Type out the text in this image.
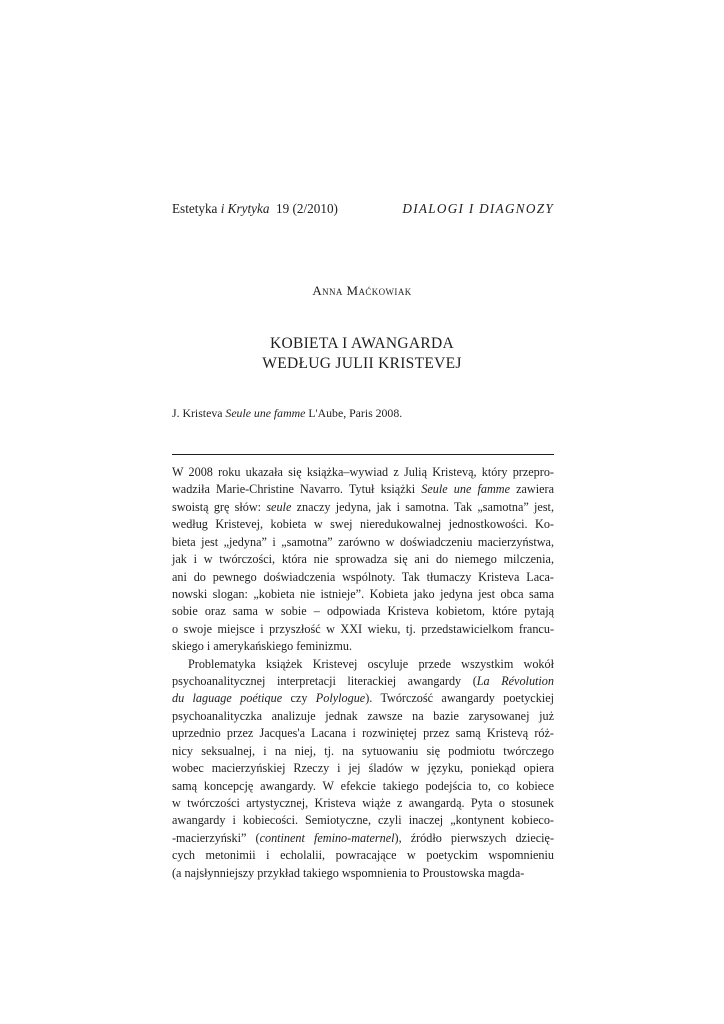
Estetyka i Krytyka 19 (2/2010)	DIALOGI I DIAGNOZY
Anna Maćkowiak
KOBIETA I AWANGARDA
WEDŁUG JULII KRISTEVEJ
J. Kristeva Seule une famme L'Aube, Paris 2008.
W 2008 roku ukazała się książka–wywiad z Julią Kristevą, który przepro-
wadziła Marie-Christine Navarro. Tytuł książki Seule une famme zawiera
swoistą grę słów: seule znaczy jedyna, jak i samotna. Tak „samotna” jest,
według Kristevej, kobieta w swej nieredukowalnej jednostkowości. Ko-
bieta jest „jedyna” i „samotna” zarówno w doświadczeniu macierzyństwa,
jak i w twórczości, która nie sprowadza się ani do niemego milczenia,
ani do pewnego doświadczenia wspólnoty. Tak tłumaczy Kristeva Laca-
nowski slogan: „kobieta nie istnieje”. Kobieta jako jedyna jest obca sama
sobie oraz sama w sobie – odpowiada Kristeva kobietom, które pytają
o swoje miejsce i przyszłość w XXI wieku, tj. przedstawicielkom francu-
skiego i amerykańskiego feminizmu.
Problematyka książek Kristevej oscyluje przede wszystkim wokół
psychoanalitycznej interpretacji literackiej awangardy (La Révolution
du laguage poétique czy Polylogue). Twórczość awangardy poetyckiej
psychoanalityczka analizuje jednak zawsze na bazie zarysowanej już
uprzednio przez Jacques'a Lacana i rozwiniętej przez samą Kristevą róż-
nicy seksualnej, i na niej, tj. na sytuowaniu się podmiotu twórczego
wobec macierzyńskiej Rzeczy i jej śladów w języku, poniekąd opiera
samą koncepcję awangardy. W efekcie takiego podejścia to, co kobiece
w twórczości artystycznej, Kristeva wiąże z awangardą. Pyta o stosunek
awangardy i kobiecości. Semiotyczne, czyli inaczej „kontynent kobieco-
-macierzyński” (continent femino-maternel), źródło pierwszych dziecię-
cych metonimii i echolalii, powracające w poetyckim wspomnieniu
(a najsłynniejszy przykład takiego wspomnienia to Proustowska magda-
